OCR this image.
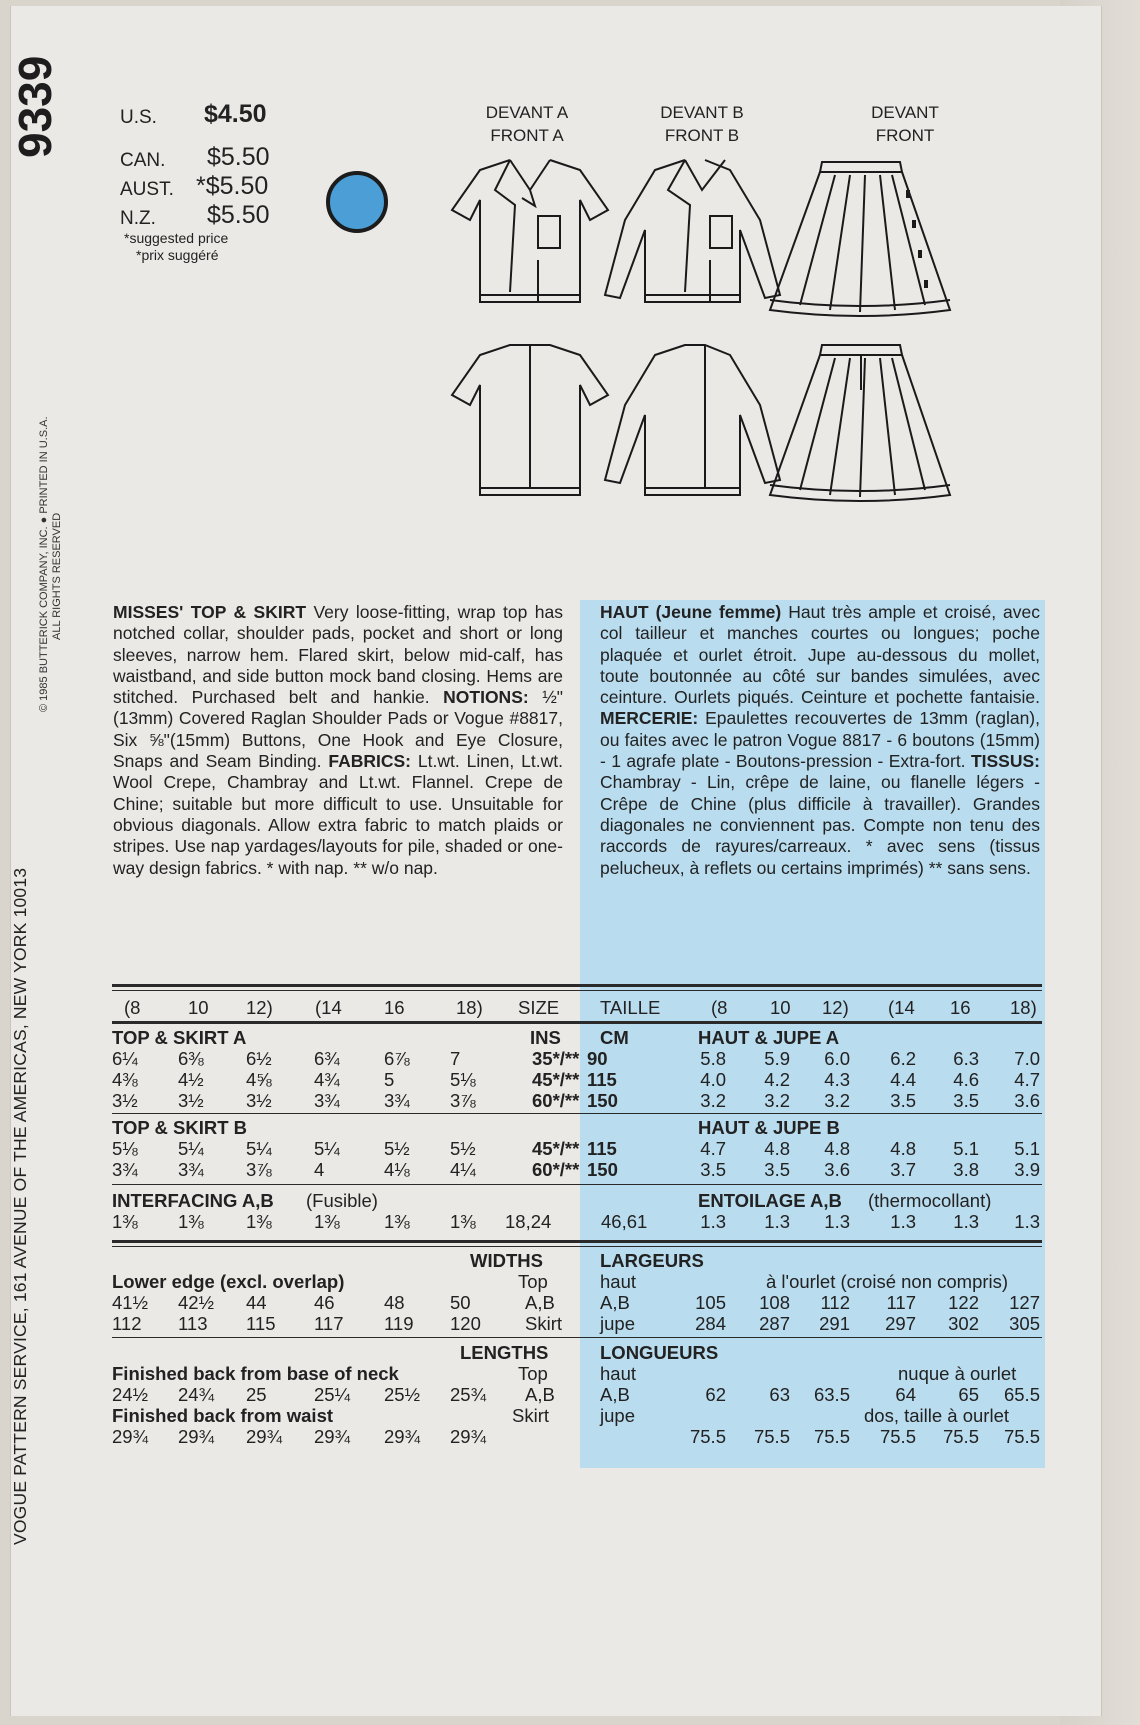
9339
VOGUE PATTERN SERVICE, 161 AVENUE OF THE AMERICAS, NEW YORK 10013
© 1985 BUTTERICK COMPANY, INC. ● PRINTED IN U.S.A. ALL RIGHTS RESERVED
U.S. $4.50
CAN. $5.50
AUST. *$5.50
N.Z. $5.50
*suggested price
*prix suggéré
DEVANT A
FRONT A
DEVANT B
FRONT B
DEVANT
FRONT
MISSES' TOP & SKIRT Very loose-fitting, wrap top has notched collar, shoulder pads, pocket and short or long sleeves, narrow hem. Flared skirt, below mid-calf, has waistband, and side button mock band closing. Hems are stitched. Purchased belt and hankie. NOTIONS: ½"(13mm) Covered Raglan Shoulder Pads or Vogue #8817, Six ⅝"(15mm) Buttons, One Hook and Eye Closure, Snaps and Seam Binding. FABRICS: Lt.wt. Linen, Lt.wt. Wool Crepe, Chambray and Lt.wt. Flannel. Crepe de Chine; suitable but more difficult to use. Unsuitable for obvious diagonals. Allow extra fabric to match plaids or stripes. Use nap yardages/layouts for pile, shaded or one-way design fabrics. * with nap. ** w/o nap.
HAUT (Jeune femme) Haut très ample et croisé, avec col tailleur et manches courtes ou longues; poche plaquée et ourlet étroit. Jupe au-dessous du mollet, toute boutonnée au côté sur bandes simulées, avec ceinture. Ourlets piqués. Ceinture et pochette fantaisie. MERCERIE: Epaulettes recouvertes de 13mm (raglan), ou faites avec le patron Vogue 8817 - 6 boutons (15mm) - 1 agrafe plate - Boutons-pression - Extra-fort. TISSUS: Chambray - Lin, crêpe de laine, ou flanelle légers - Crêpe de Chine (plus difficile à travailler). Grandes diagonales ne conviennent pas. Compte non tenu des raccords de rayures/carreaux. * avec sens (tissus pelucheux, à reflets ou certains imprimés) ** sans sens.
(8	10 12) (14 16	18) SIZE TAILLE	(8 10 12) (14 16 18)
TOP & SKIRT A	INS CM	HAUT & JUPE A
6¼ 6⅜ 6½ 6¾ 6⅞ 7	35*/** 90	5.8	5.9	6.0	6.2	6.3	7.0
4⅜ 4½ 4⅝ 4¾ 5	5⅛	45*/** 115	4.0	4.2	4.3	4.4	4.6	4.7
3½ 3½ 3½ 3¾ 3¾ 3⅞	60*/** 150	3.2	3.2	3.2	3.5	3.5	3.6
TOP & SKIRT B	HAUT & JUPE B
5⅛ 5¼ 5¼ 5¼ 5½ 5½	45*/** 115	4.7	4.8	4.8	4.8	5.1	5.1
3¾ 3¾ 3⅞ 4	4⅛ 4¼	60*/** 150	3.5	3.5	3.6	3.7	3.8	3.9
INTERFACING A,B (Fusible)	ENTOILAGE A,B (thermocollant)
1⅜ 1⅜ 1⅜ 1⅜ 1⅜ 1⅜ 18,24	46,61	1.3	1.3	1.3	1.3	1.3	1.3
WIDTHS	LARGEURS
Lower edge (excl. overlap)	Top	haut	à l'ourlet (croisé non compris)
41½ 42½ 44	46	48 50	A,B A,B	105	108	112	117	122	127
112 113 115 117 119 120 Skirt jupe	284	287	291	297	302	305
LENGTHS	LONGUEURS
Finished back from base of neck	Top	haut	nuque à ourlet
24½ 24¾ 25	25¼ 25½ 25¾ A,B A,B	62	63	63.5	64	65	65.5
Finished back from waist	Skirt	jupe	dos, taille à ourlet
29¾ 29¾ 29¾ 29¾ 29¾ 29¾	75.5	75.5	75.5	75.5	75.5	75.5
